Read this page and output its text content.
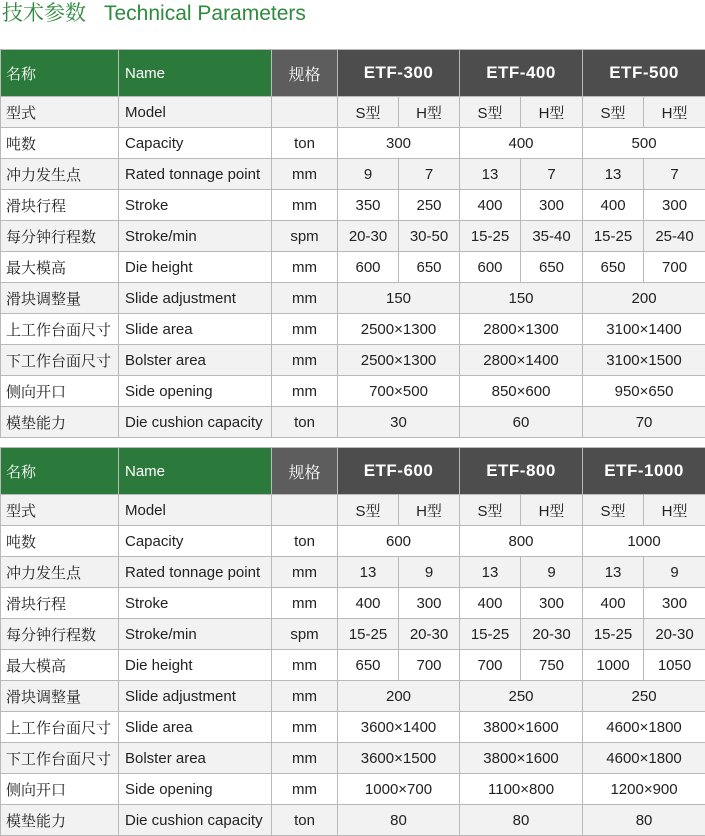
技术参数 Technical Parameters
名称	Name	规格	ETF-300		ETF-400		ETF-500	
型式	Model		S型	H型	S型	H型	S型	H型
吨数	Capacity	ton	300		400		500	
冲力发生点	Rated tonnage point	mm	9	7	13	7	13	7
滑块行程	Stroke	mm	350	250	400	300	400	300
每分钟行程数	Stroke/min	spm	20-30	30-50	15-25	35-40	15-25	25-40
最大模高	Die height	mm	600	650	600	650	650	700
滑块调整量	Slide adjustment	mm	150		150		200	
上工作台面尺寸	Slide area	mm	2500×1300		2800×1300		3100×1400	
下工作台面尺寸	Bolster area	mm	2500×1300		2800×1400		3100×1500	
侧向开口	Side opening	mm	700×500		850×600		950×650	
模垫能力	Die cushion capacity	ton	30		60		70	
名称	Name	规格	ETF-600		ETF-800		ETF-1000	
型式	Model		S型	H型	S型	H型	S型	H型
吨数	Capacity	ton	600		800		1000	
冲力发生点	Rated tonnage point	mm	13	9	13	9	13	9
滑块行程	Stroke	mm	400	300	400	300	400	300
每分钟行程数	Stroke/min	spm	15-25	20-30	15-25	20-30	15-25	20-30
最大模高	Die height	mm	650	700	700	750	1000	1050
滑块调整量	Slide adjustment	mm	200		250		250	
上工作台面尺寸	Slide area	mm	3600×1400		3800×1600		4600×1800	
下工作台面尺寸	Bolster area	mm	3600×1500		3800×1600		4600×1800	
侧向开口	Side opening	mm	1000×700		1100×800		1200×900	
模垫能力	Die cushion capacity	ton	80		80		80	
